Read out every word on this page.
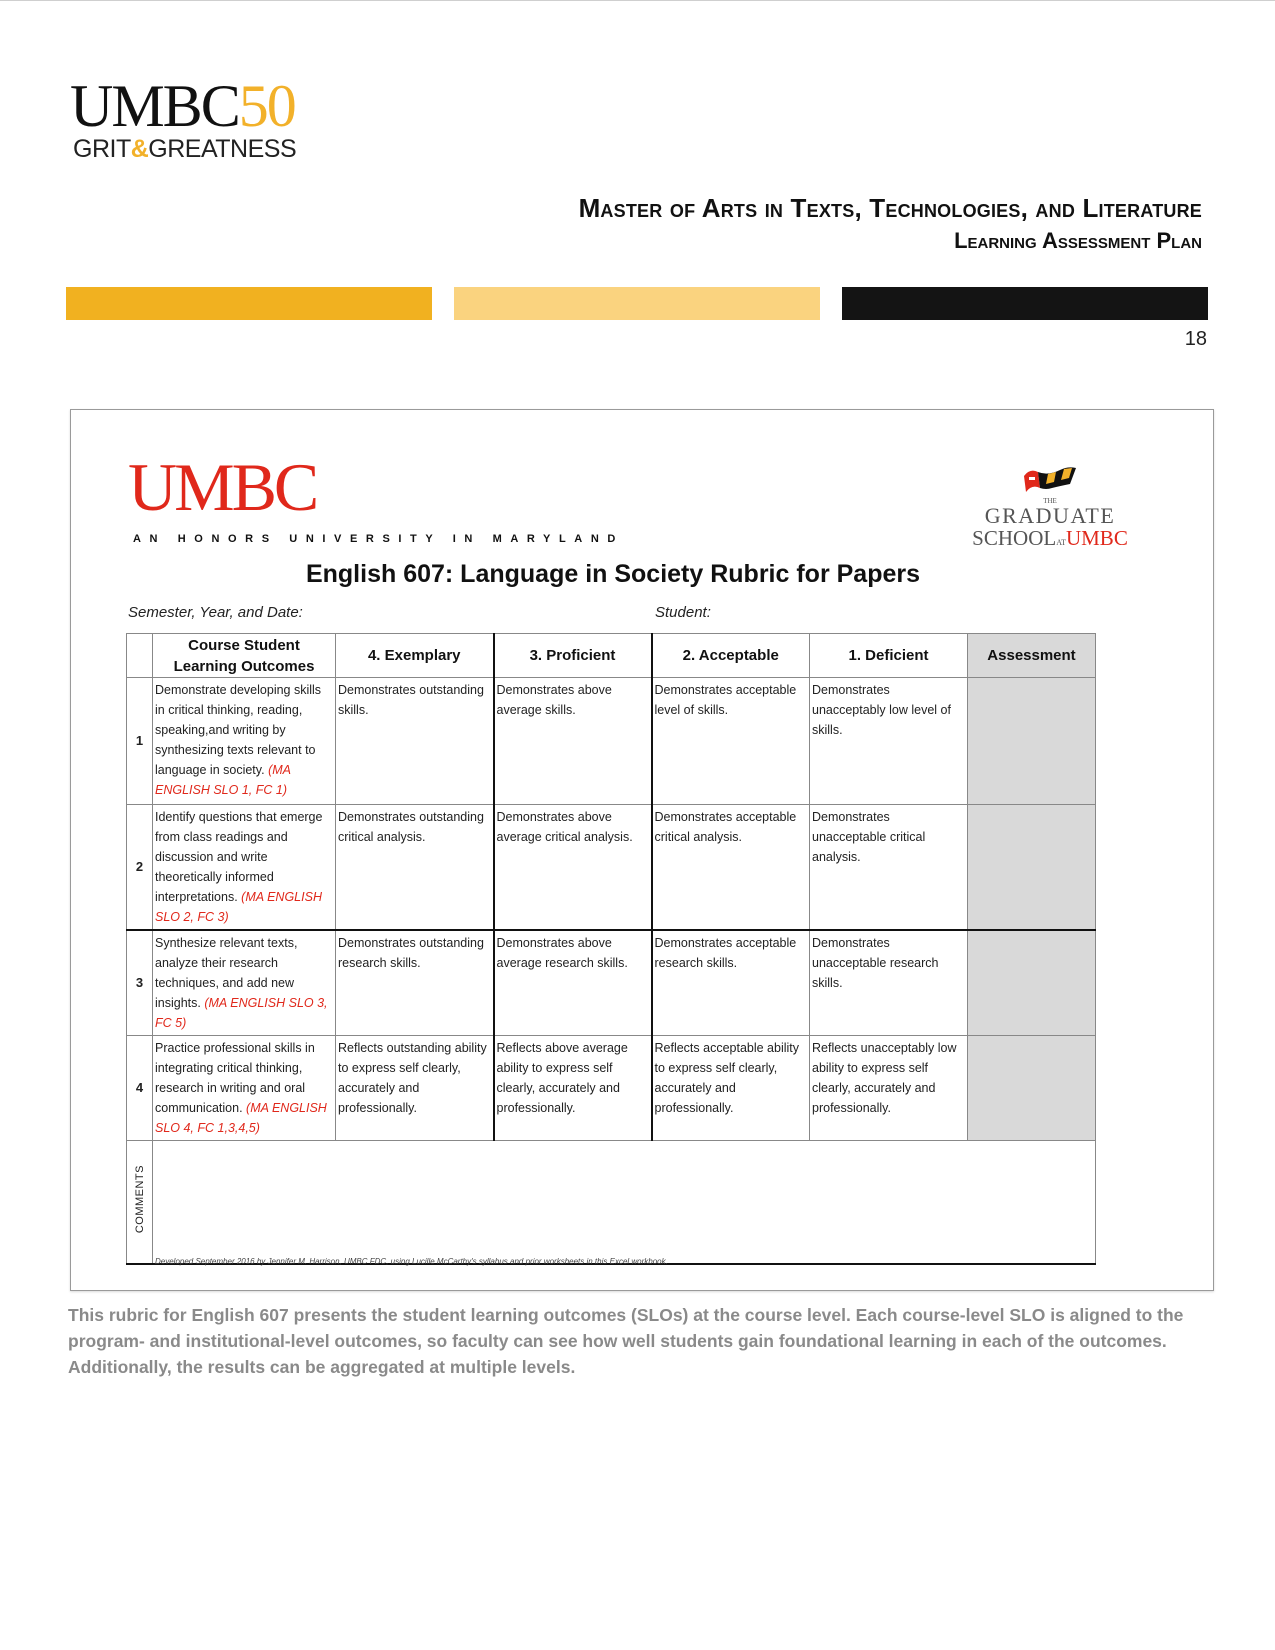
UMBC50
GRIT&GREATNESS
Master of Arts in Texts, Technologies, and Literature
Learning Assessment Plan
18
UMBC
AN HONORS UNIVERSITY IN MARYLAND
THE
GRADUATE
SCHOOLATUMBC
English 607: Language in Society Rubric for Papers
Semester, Year, and Date:	Student:
	Course Student Learning Outcomes	4. Exemplary	3. Proficient	2. Acceptable	1. Deficient	Assessment
1	Demonstrate developing skills in critical thinking, reading, speaking,and writing by synthesizing texts relevant to language in society. (MA ENGLISH SLO 1, FC 1)	Demonstrates outstanding skills.	Demonstrates above average skills.	Demonstrates acceptable level of skills.	Demonstrates unacceptably low level of skills.	
2	Identify questions that emerge from class readings and discussion and write theoretically informed interpretations. (MA ENGLISH SLO 2, FC 3)	Demonstrates outstanding critical analysis.	Demonstrates above average critical analysis.	Demonstrates acceptable critical analysis.	Demonstrates unacceptable critical analysis.	
3	Synthesize relevant texts, analyze their research techniques, and add new insights. (MA ENGLISH SLO 3, FC 5)	Demonstrates outstanding research skills.	Demonstrates above average research skills.	Demonstrates acceptable research skills.	Demonstrates unacceptable research skills.	
4	Practice professional skills in integrating critical thinking, research in writing and oral communication. (MA ENGLISH SLO 4, FC 1,3,4,5)	Reflects outstanding ability to express self clearly, accurately and professionally.	Reflects above average ability to express self clearly, accurately and professionally.	Reflects acceptable ability to express self clearly, accurately and professionally.	Reflects unacceptably low ability to express self clearly, accurately and professionally.	
COMMENTS						
Developed September 2016 by Jennifer M. Harrison, UMBC FDC, using Lucille McCarthy's syllabus and prior worksheets in this Excel workbook.
This rubric for English 607 presents the student learning outcomes (SLOs) at the course level. Each course-level SLO is aligned to the program- and institutional-level outcomes, so faculty can see how well students gain foundational learning in each of the outcomes. Additionally, the results can be aggregated at multiple levels.
